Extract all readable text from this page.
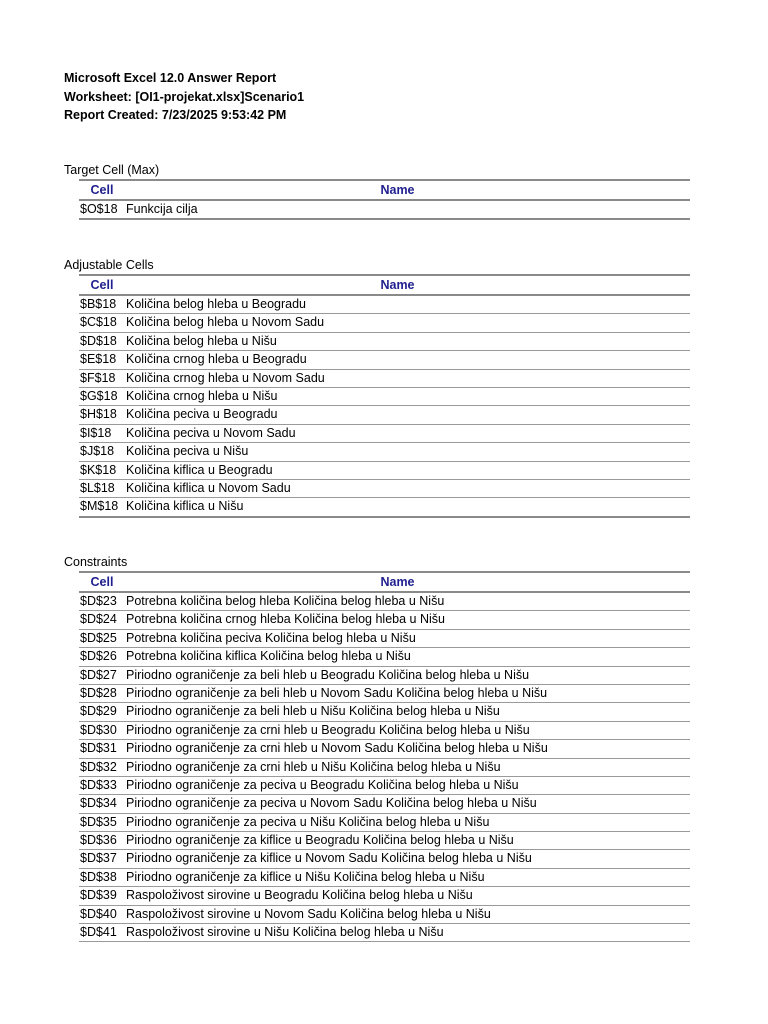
Microsoft Excel 12.0 Answer Report
Worksheet: [OI1-projekat.xlsx]Scenario1
Report Created: 7/23/2025 9:53:42 PM
Target Cell (Max)
Cell	Name
$O$18 Funkcija cilja
Adjustable Cells
Cell	Name
$B$18 Količina belog hleba u Beogradu
$C$18 Količina belog hleba u Novom Sadu
$D$18 Količina belog hleba u Nišu
$E$18 Količina crnog hleba u Beogradu
$F$18 Količina crnog hleba u Novom Sadu
$G$18 Količina crnog hleba u Nišu
$H$18 Količina peciva u Beogradu
$I$18	Količina peciva u Novom Sadu
$J$18 Količina peciva u Nišu
$K$18 Količina kiflica u Beogradu
$L$18 Količina kiflica u Novom Sadu
$M$18 Količina kiflica u Nišu
Constraints
Cell	Name
$D$23 Potrebna količina belog hleba Količina belog hleba u Nišu
$D$24 Potrebna količina crnog hleba Količina belog hleba u Nišu
$D$25 Potrebna količina peciva Količina belog hleba u Nišu
$D$26 Potrebna količina kiflica Količina belog hleba u Nišu
$D$27 Piriodno ograničenje za beli hleb u Beogradu Količina belog hleba u Nišu
$D$28 Piriodno ograničenje za beli hleb u Novom Sadu Količina belog hleba u Nišu
$D$29 Piriodno ograničenje za beli hleb u Nišu Količina belog hleba u Nišu
$D$30 Piriodno ograničenje za crni hleb u Beogradu Količina belog hleba u Nišu
$D$31 Piriodno ograničenje za crni hleb u Novom Sadu Količina belog hleba u Nišu
$D$32 Piriodno ograničenje za crni hleb u Nišu Količina belog hleba u Nišu
$D$33 Piriodno ograničenje za peciva u Beogradu Količina belog hleba u Nišu
$D$34 Piriodno ograničenje za peciva u Novom Sadu Količina belog hleba u Nišu
$D$35 Piriodno ograničenje za peciva u Nišu Količina belog hleba u Nišu
$D$36 Piriodno ograničenje za kiflice u Beogradu Količina belog hleba u Nišu
$D$37 Piriodno ograničenje za kiflice u Novom Sadu Količina belog hleba u Nišu
$D$38 Piriodno ograničenje za kiflice u Nišu Količina belog hleba u Nišu
$D$39 Raspoloživost sirovine u Beogradu Količina belog hleba u Nišu
$D$40 Raspoloživost sirovine u Novom Sadu Količina belog hleba u Nišu
$D$41 Raspoloživost sirovine u Nišu Količina belog hleba u Nišu
